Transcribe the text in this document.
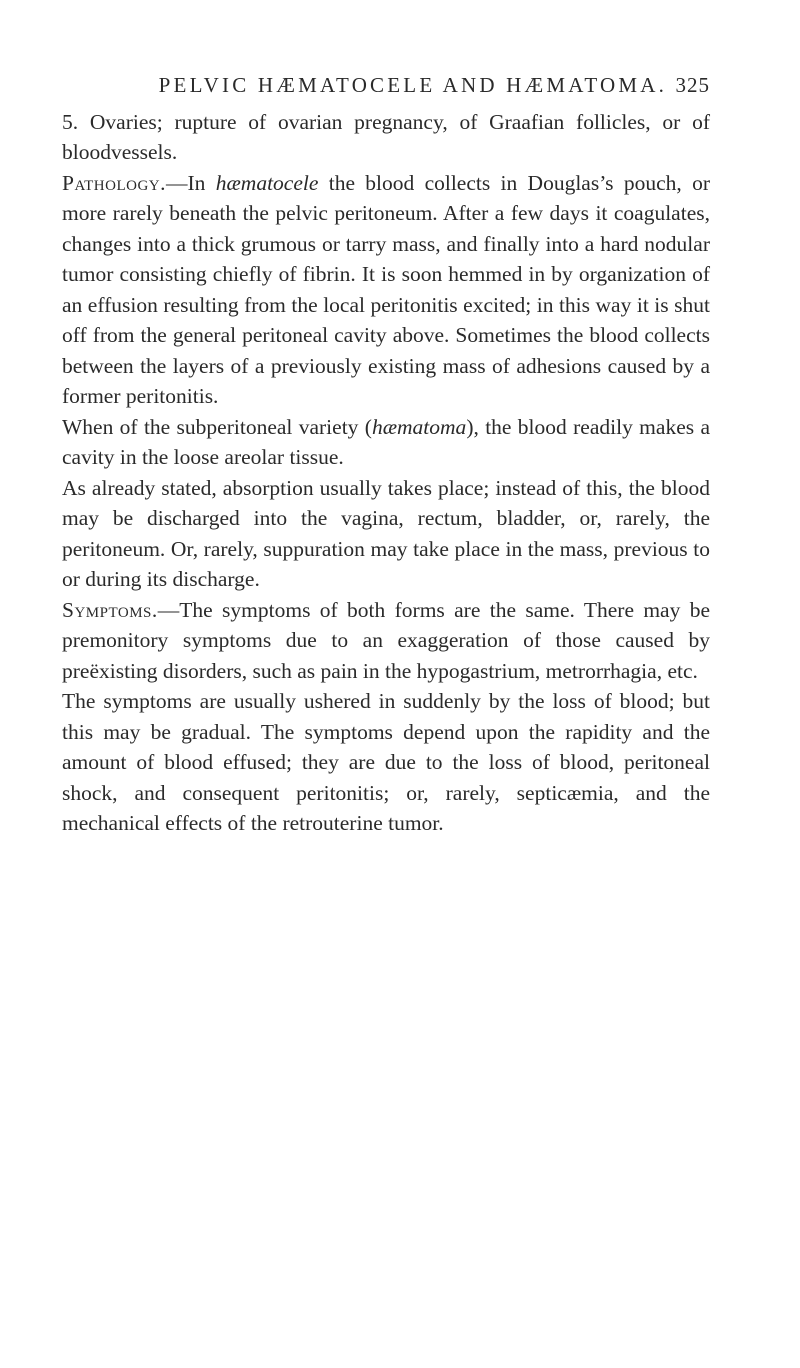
PELVIC HÆMATOCELE AND HÆMATOMA. 325

5. Ovaries; rupture of ovarian pregnancy, of Graafian follicles, or of bloodvessels.

Pathology.—In hæmatocele the blood collects in Douglas’s pouch, or more rarely beneath the pelvic peritoneum. After a few days it coagulates, changes into a thick grumous or tarry mass, and finally into a hard nodular tumor consisting chiefly of fibrin. It is soon hemmed in by organization of an effusion resulting from the local peritonitis excited; in this way it is shut off from the general peritoneal cavity above. Sometimes the blood collects between the layers of a previously existing mass of adhesions caused by a former peritonitis.

When of the subperitoneal variety (hæmatoma), the blood readily makes a cavity in the loose areolar tissue.

As already stated, absorption usually takes place; instead of this, the blood may be discharged into the vagina, rectum, bladder, or, rarely, the peritoneum. Or, rarely, suppuration may take place in the mass, previous to or during its discharge.

Symptoms.—The symptoms of both forms are the same. There may be premonitory symptoms due to an exaggeration of those caused by preëxisting disorders, such as pain in the hypogastrium, metrorrhagia, etc.

The symptoms are usually ushered in suddenly by the loss of blood; but this may be gradual. The symptoms depend upon the rapidity and the amount of blood effused; they are due to the loss of blood, peritoneal shock, and consequent peritonitis; or, rarely, septicæmia, and the mechanical effects of the retrouterine tumor.
